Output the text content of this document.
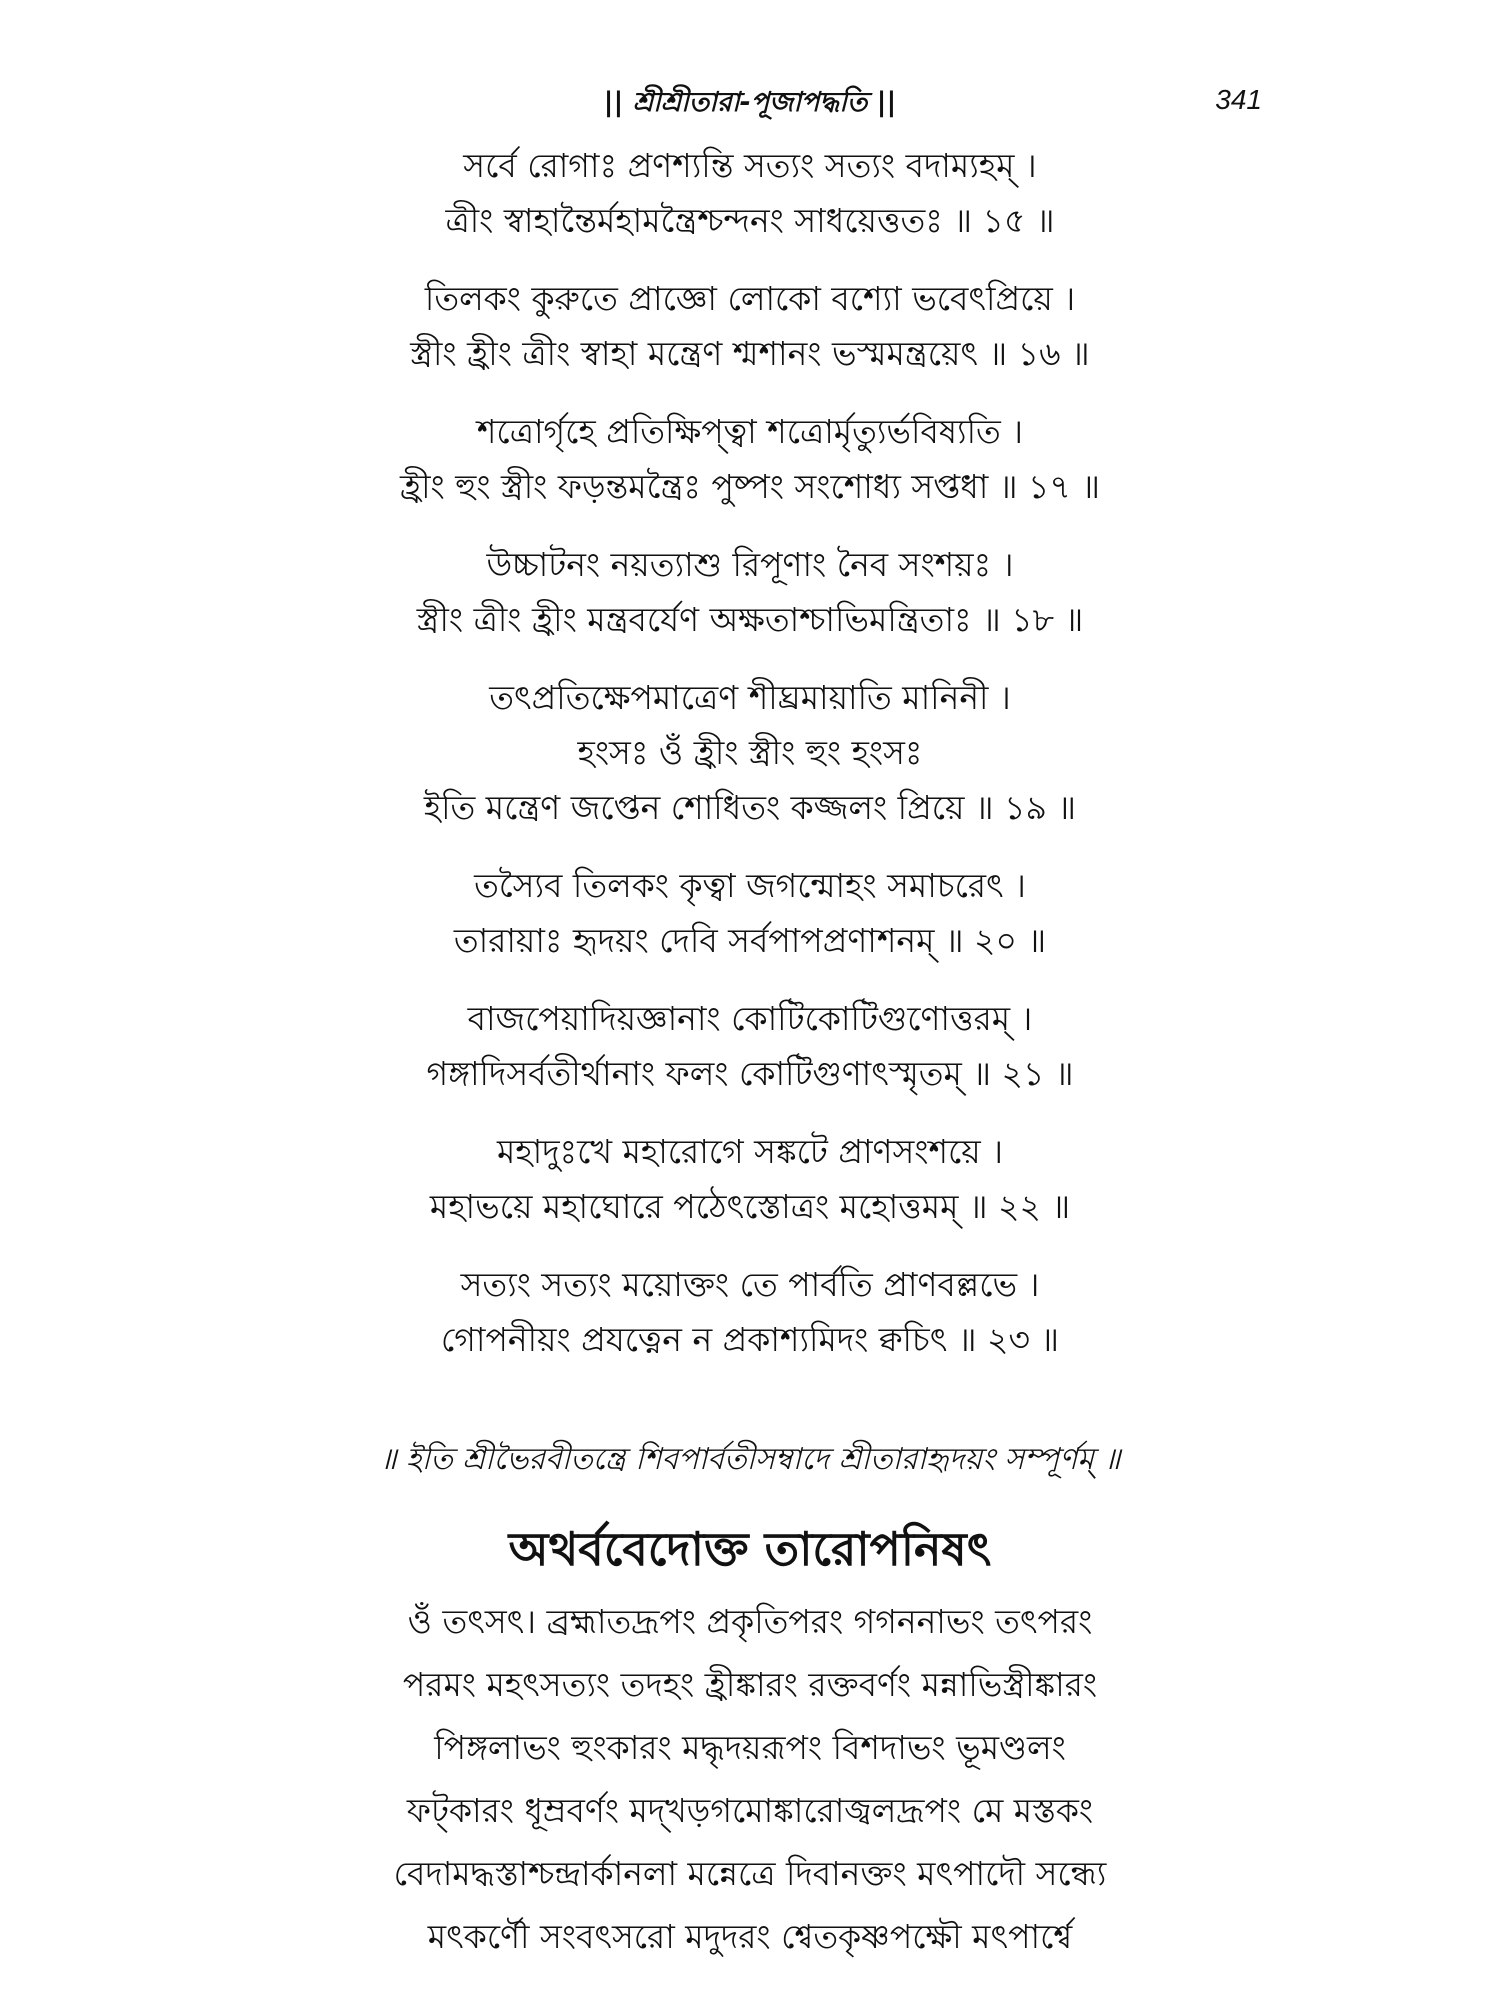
|| শ্রীশ্রীতারা-পূজাপদ্ধতি ||	341
সর্বে রোগাঃ প্রণশ্যন্তি সত্যং সত্যং বদাম্যহম্ ।
ত্রীং স্বাহান্তৈর্মহামন্ত্রৈশ্চন্দনং সাধয়েত্ততঃ ॥ ১৫ ॥
তিলকং কুরুতে প্রাজ্ঞো লোকো বশ্যো ভবেৎপ্রিয়ে ।
স্ত্রীং হ্রীং ত্রীং স্বাহা মন্ত্রেণ শ্মশানং ভস্মমন্ত্রয়েৎ ॥ ১৬ ॥
শত্রোর্গৃহে প্রতিক্ষিপ্ত্বা শত্রোর্মৃত্যুর্ভবিষ্যতি ।
হ্রীং হুং স্ত্রীং ফড়ন্তমন্ত্রৈঃ পুষ্পং সংশোধ্য সপ্তধা ॥ ১৭ ॥
উচ্চাটনং নয়ত্যাশু রিপূণাং নৈব সংশয়ঃ ।
স্ত্রীং ত্রীং হ্রীং মন্ত্রবর্যেণ অক্ষতাশ্চাভিমন্ত্রিতাঃ ॥ ১৮ ॥
তৎপ্রতিক্ষেপমাত্রেণ শীঘ্রমায়াতি মানিনী ।
হংসঃ ওঁ হ্রীং স্ত্রীং হুং হংসঃ
ইতি মন্ত্রেণ জপ্তেন শোধিতং কজ্জলং প্রিয়ে ॥ ১৯ ॥
তস্যৈব তিলকং কৃত্বা জগন্মোহং সমাচরেৎ ।
তারায়াঃ হৃদয়ং দেবি সর্বপাপপ্রণাশনম্ ॥ ২০ ॥
বাজপেয়াদিয়জ্ঞানাং কোটিকোটিগুণোত্তরম্ ।
গঙ্গাদিসর্বতীর্থানাং ফলং কোটিগুণাৎস্মৃতম্ ॥ ২১ ॥
মহাদুঃখে মহারোগে সঙ্কটে প্রাণসংশয়ে ।
মহাভয়ে মহাঘোরে পঠেৎস্তোত্রং মহোত্তমম্ ॥ ২২ ॥
সত্যং সত্যং ময়োক্তং তে পার্বতি প্রাণবল্লভে ।
গোপনীয়ং প্রযত্নেন ন প্রকাশ্যমিদং ক্বচিৎ ॥ ২৩ ॥
॥ ইতি শ্রীভৈরবীতন্ত্রে শিবপার্বতীসম্বাদে শ্রীতারাহৃদয়ং সম্পূর্ণম্ ॥
অথর্ববেদোক্ত তারোপনিষৎ
ওঁ তৎসৎ। ব্রহ্মাতদ্রূপং প্রকৃতিপরং গগননাভং তৎপরং
পরমং মহৎসত্যং তদহং হ্রীঙ্কারং রক্তবর্ণং মন্নাভিস্ত্রীঙ্কারং
পিঙ্গলাভং হুংকারং মদ্ধৃদয়রূপং বিশদাভং ভূমণ্ডলং
ফট্কারং ধূম্রবর্ণং মদ্খড়গমোঙ্কারোজ্বলদ্রূপং মে মস্তকং
বেদামদ্ধস্তাশ্চন্দ্রার্কানলা মন্নেত্রে দিবানক্তং মৎপাদৌ সন্ধ্যে
মৎকর্ণৌ সংবৎসরো মদুদরং শ্বেতকৃষ্ণপক্ষৌ মৎপার্শ্বে
